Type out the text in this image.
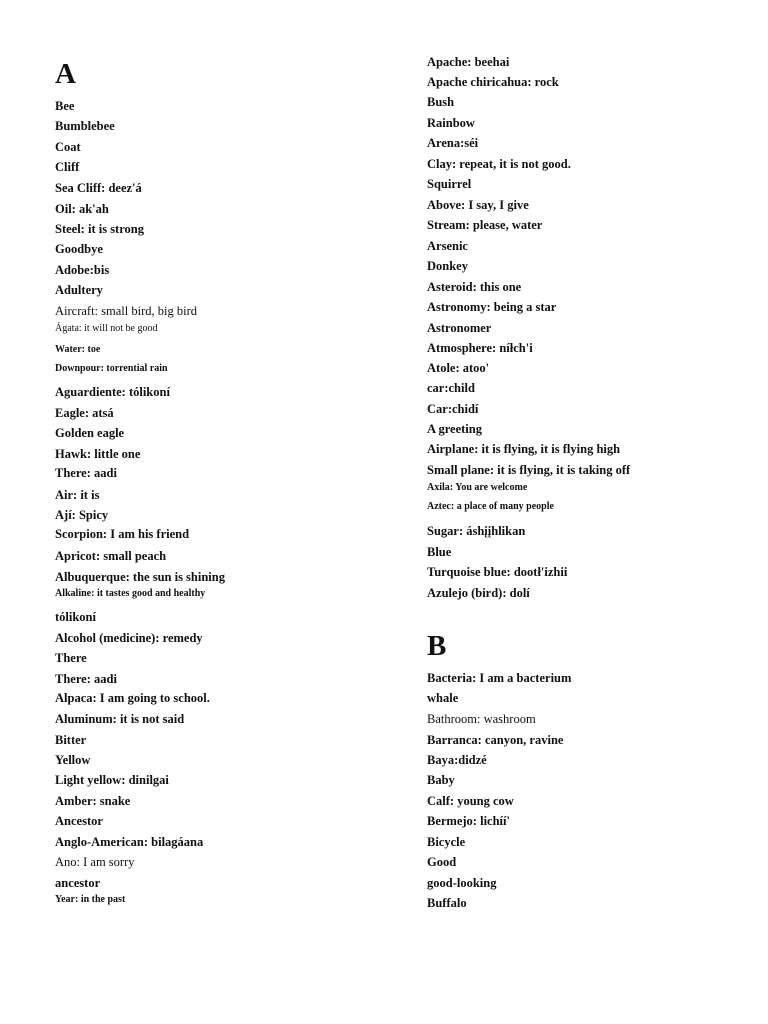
A
Bee
Bumblebee
Coat
Cliff
Sea Cliff: deez'á
Oil: ak'ah
Steel: it is strong
Goodbye
Adobe:bis
Adultery
Aircraft: small bird, big bird
Ágata: it will not be good
Water: toe
Downpour: torrential rain
Aguardiente: tólikoní
Eagle: atsá
Golden eagle
Hawk: little one
There: aadi
Air: it is
Ají: Spicy
Scorpion: I am his friend
Apricot: small peach
Albuquerque: the sun is shining
Alkaline: it tastes good and healthy
tólikoní
Alcohol (medicine): remedy
There
There: aadi
Alpaca: I am going to school.
Aluminum: it is not said
Bitter
Yellow
Light yellow: dinilgai
Amber: snake
Ancestor
Anglo-American: bilagáana
Ano: I am sorry
ancestor
Year: in the past
Apache: beehai
Apache chiricahua: rock
Bush
Rainbow
Arena:séi
Clay: repeat, it is not good.
Squirrel
Above: I say, I give
Stream: please, water
Arsenic
Donkey
Asteroid: this one
Astronomy: being a star
Astronomer
Atmosphere: níłch'i
Atole: atoo'
car:child
Car:chidí
A greeting
Airplane: it is flying, it is flying high
Small plane: it is flying, it is taking off
Axila: You are welcome
Aztec: a place of many people
Sugar: áshįįhlikan
Blue
Turquoise blue: dootł'izhii
Azulejo (bird): dolí
B
Bacteria: I am a bacterium
whale
Bathroom: washroom
Barranca: canyon, ravine
Baya:didzé
Baby
Calf: young cow
Bermejo: lichíí'
Bicycle
Good
good-looking
Buffalo
